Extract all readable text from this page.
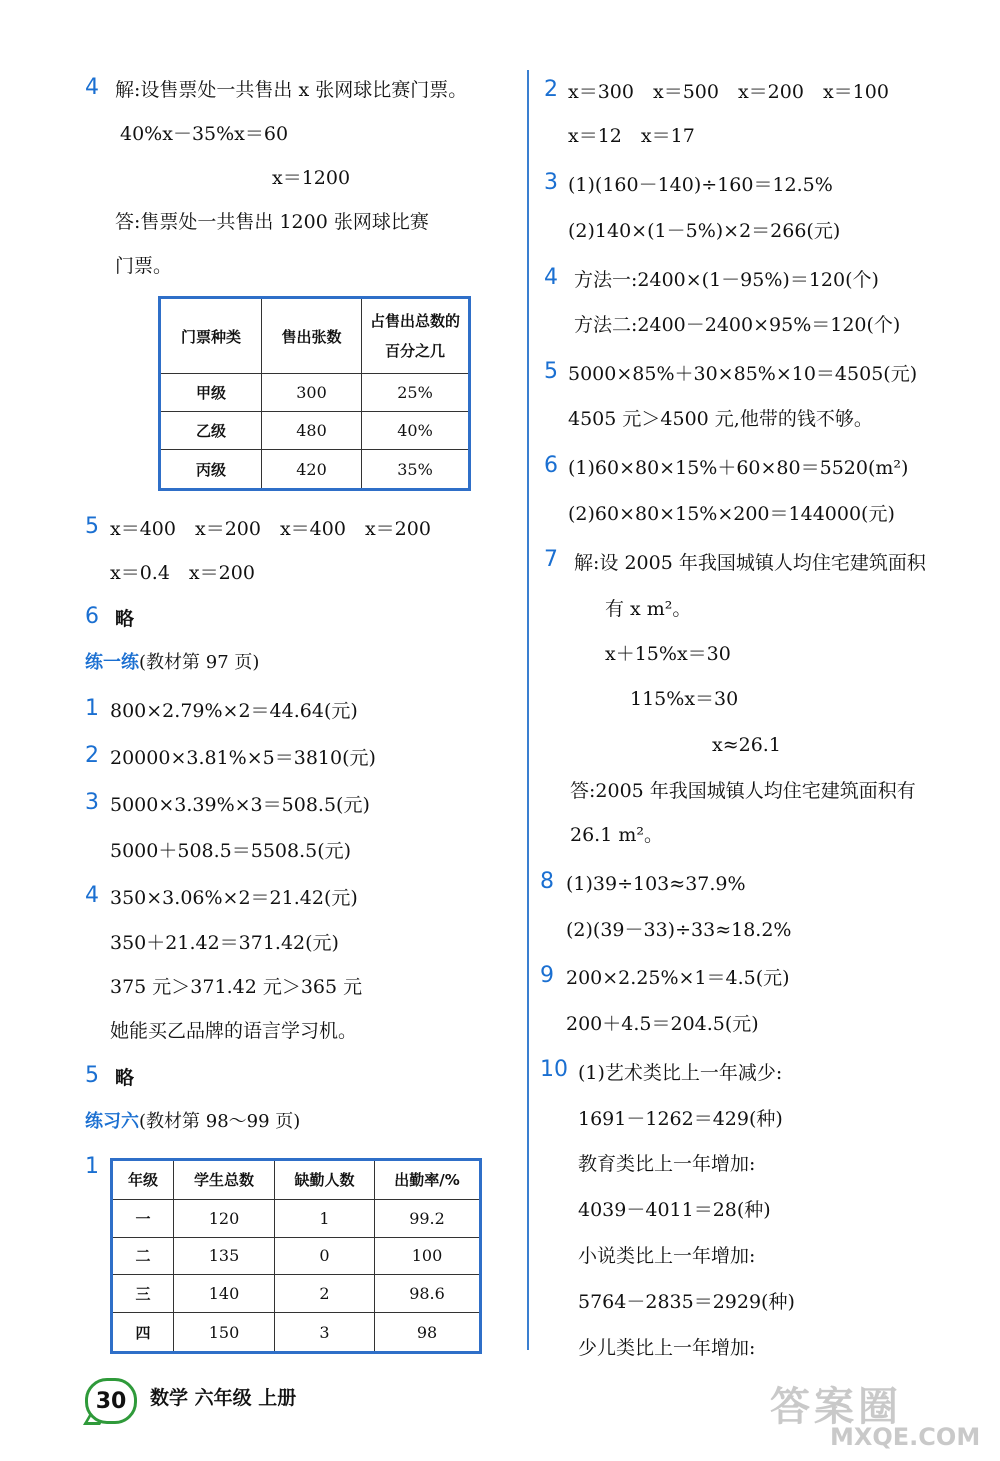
4 解:设售票处一共售出 x 张网球比赛门票。
40%x－35%x＝60
x＝1200
答:售票处一共售出 1200 张网球比赛
门票。
门票种类	售出张数	占售出总数的百分之几
甲级	300	25%
乙级	480	40%
丙级	420	35%
5 x＝400　x＝200　x＝400　x＝200
x＝0.4　x＝200
6 略
练一练(教材第 97 页)
1 800×2.79%×2＝44.64(元)
2 20000×3.81%×5＝3810(元)
3 5000×3.39%×3＝508.5(元)
5000＋508.5＝5508.5(元)
4 350×3.06%×2＝21.42(元)
350＋21.42＝371.42(元)
375 元＞371.42 元＞365 元
她能买乙品牌的语言学习机。
5 略
练习六(教材第 98～99 页)
1
年级	学生总数	缺勤人数	出勤率/%
一	120	1	99.2
二	135	0	100
三	140	2	98.6
四	150	3	98
2 x＝300　x＝500　x＝200　x＝100
x＝12　x＝17
3 (1)(160－140)÷160＝12.5%
(2)140×(1－5%)×2＝266(元)
4 方法一:2400×(1－95%)＝120(个)
方法二:2400－2400×95%＝120(个)
5 5000×85%＋30×85%×10＝4505(元)
4505 元＞4500 元,他带的钱不够。
6 (1)60×80×15%＋60×80＝5520(m²)
(2)60×80×15%×200＝144000(元)
7 解:设 2005 年我国城镇人均住宅建筑面积
有 x m²。
x＋15%x＝30
115%x＝30
x≈26.1
答:2005 年我国城镇人均住宅建筑面积有
26.1 m²。
8 (1)39÷103≈37.9%
(2)(39－33)÷33≈18.2%
9 200×2.25%×1＝4.5(元)
200＋4.5＝204.5(元)
10 (1)艺术类比上一年减少:
1691－1262＝429(种)
教育类比上一年增加:
4039－4011＝28(种)
小说类比上一年增加:
5764－2835＝2929(种)
少儿类比上一年增加:
30	数学 六年级 上册	答案圈
MXQE.COM
